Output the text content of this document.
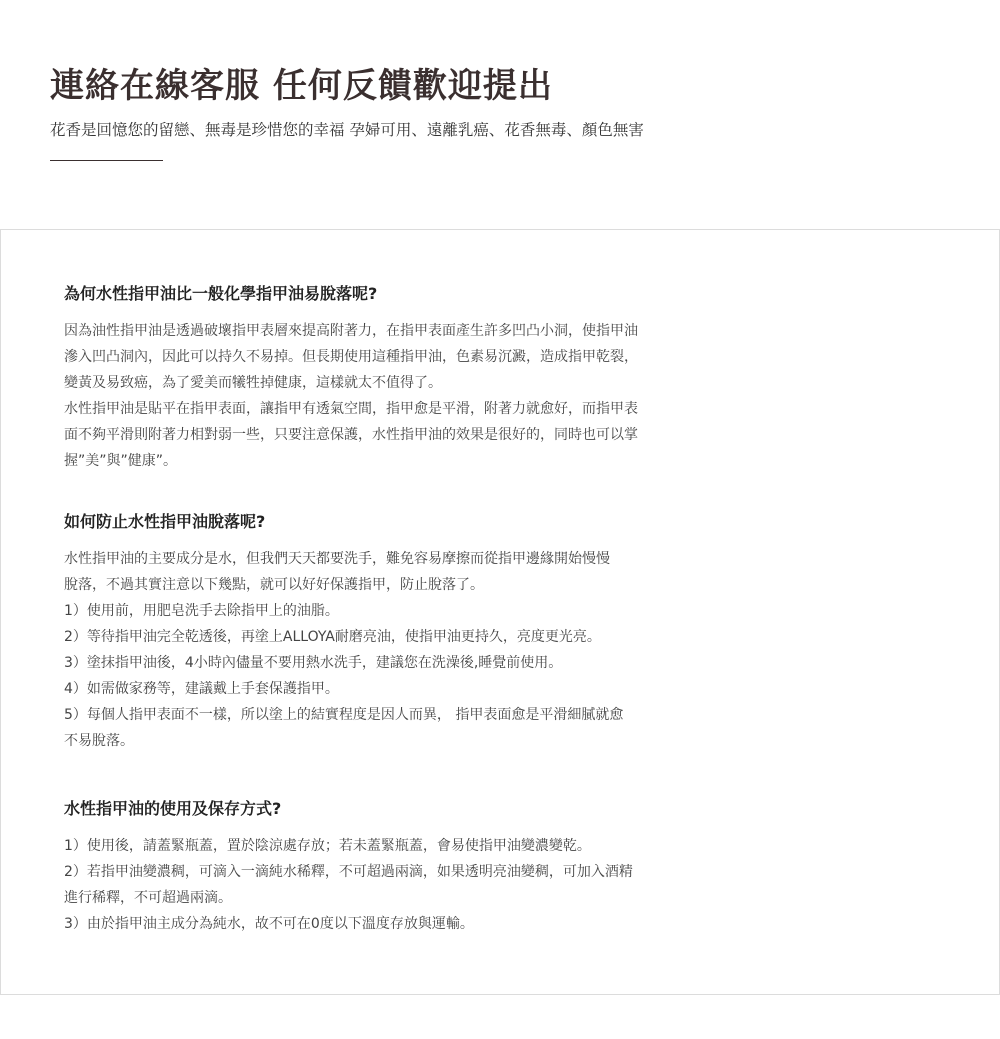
連絡在線客服 任何反饋歡迎提出

花香是回憶您的留戀、無毒是珍惜您的幸福 孕婦可用、遠離乳癌、花香無毒、顏色無害

為何水性指甲油比一般化學指甲油易脫落呢?
因為油性指甲油是透過破壞指甲表層來提高附著力，在指甲表面產生許多凹凸小洞，使指甲油
滲入凹凸洞內，因此可以持久不易掉。但長期使用這種指甲油，色素易沉澱，造成指甲乾裂，
變黃及易致癌，為了愛美而犧牲掉健康，這樣就太不值得了。
水性指甲油是貼平在指甲表面，讓指甲有透氣空間，指甲愈是平滑，附著力就愈好，而指甲表
面不夠平滑則附著力相對弱一些，只要注意保護，水性指甲油的效果是很好的，同時也可以掌
握”美”與”健康”。
如何防止水性指甲油脫落呢?
水性指甲油的主要成分是水，但我們天天都要洗手，難免容易摩擦而從指甲邊緣開始慢慢
脫落，不過其實注意以下幾點，就可以好好保護指甲，防止脫落了。
1）使用前，用肥皂洗手去除指甲上的油脂。
2）等待指甲油完全乾透後，再塗上ALLOYA耐磨亮油，使指甲油更持久，亮度更光亮。
3）塗抹指甲油後，4小時內儘量不要用熱水洗手，建議您在洗澡後,睡覺前使用。
4）如需做家務等，建議戴上手套保護指甲。
5）每個人指甲表面不一樣，所以塗上的結實程度是因人而異， 指甲表面愈是平滑細膩就愈
不易脫落。
水性指甲油的使用及保存方式?
1）使用後，請蓋緊瓶蓋，置於陰涼處存放；若未蓋緊瓶蓋，會易使指甲油變濃變乾。
2）若指甲油變濃稠，可滴入一滴純水稀釋，不可超過兩滴，如果透明亮油變稠，可加入酒精
進行稀釋，不可超過兩滴。
3）由於指甲油主成分為純水，故不可在0度以下溫度存放與運輸。
